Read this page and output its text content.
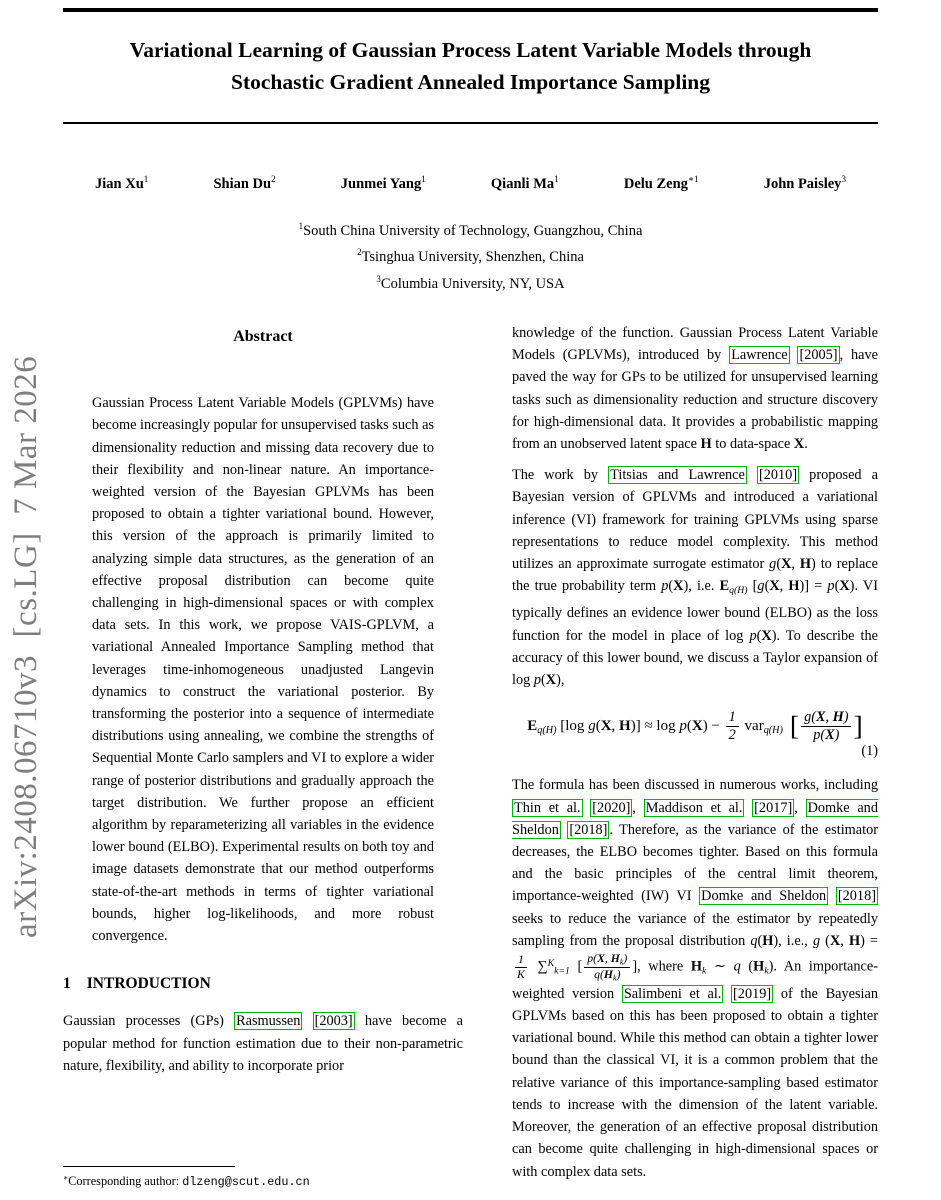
arXiv:2408.06710v3  [cs.LG]  7 Mar 2026
Variational Learning of Gaussian Process Latent Variable Models through
Stochastic Gradient Annealed Importance Sampling
Jian Xu$^1$	Shian Du$^2$	Junmei Yang$^1$	Qianli Ma$^1$	Delu Zeng$^{∗1}$	John Paisley$^3$
$^1$South China University of Technology, Guangzhou, China
$^2$Tsinghua University, Shenzhen, China
$^3$Columbia University, NY, USA
Abstract
Gaussian Process Latent Variable Models (GPLVMs) have become increasingly popular for unsupervised tasks such as dimensionality reduction and missing data recovery due to their flexibility and non-linear nature. An importance-weighted version of the Bayesian GPLVMs has been proposed to obtain a tighter variational bound. However, this version of the approach is primarily limited to analyzing simple data structures, as the generation of an effective proposal distribution can become quite challenging in high-dimensional spaces or with complex data sets. In this work, we propose VAIS-GPLVM, a variational Annealed Importance Sampling method that leverages time-inhomogeneous unadjusted Langevin dynamics to construct the variational posterior. By transforming the posterior into a sequence of intermediate distributions using annealing, we combine the strengths of Sequential Monte Carlo samplers and VI to explore a wider range of posterior distributions and gradually approach the target distribution. We further propose an efficient algorithm by reparameterizing all variables in the evidence lower bound (ELBO). Experimental results on both toy and image datasets demonstrate that our method outperforms state-of-the-art methods in terms of tighter variational bounds, higher log-likelihoods, and more robust convergence.
1 INTRODUCTION

Gaussian processes (GPs) Rasmussen [2003] have become a popular method for function estimation due to their non-parametric nature, flexibility, and ability to incorporate prior

knowledge of the function. Gaussian Process Latent Variable Models (GPLVMs), introduced by Lawrence [2005] , have paved the way for GPs to be utilized for unsupervised learning tasks such as dimensionality reduction and structure discovery for high-dimensional data. It provides a probabilistic mapping from an unobserved latent space H to data-space X.

The work by Titsias and Lawrence [2010] proposed a Bayesian version of GPLVMs and introduced a variational inference (VI) framework for training GPLVMs using sparse representations to reduce model complexity. This method utilizes an approximate surrogate estimator g(X, H) to replace the true probability term p(X), i.e. $E_{q(H)}$ [g(X, H)] = p(X). VI typically defines an evidence lower bound (ELBO) as the loss function for the model in place of log p(X). To describe the accuracy of this lower bound, we discuss a Taylor expansion of log p(X),

$E_{q(H)}$ [log g(X, $H)] \approx \log p(X) - \frac{1}{2} var_{q(H)}$ [ $\frac{g(X, H)}{p(X)}$ ]
(1)

The formula has been discussed in numerous works, including Thin et al. [2020] , Maddison et al. [2017] , Domke and Sheldon [2018] . Therefore, as the variance of the estimator decreases, the ELBO becomes tighter. Based on this formula and the basic principles of the central limit theorem, importance-weighted (IW) VI Domke and Sheldon [2018] seeks to reduce the variance of the estimator by repeatedly sampling from the proposal distribution q(H), i.e., g (X, H) =
$\frac{1}{K} \sum^K_{k=1}$ [ $\frac{p(X, H_k)}{q(H_k)}$ ], where $H_k$ ∼ q $(H_k)$. An importance-weighted version Salimbeni et al. [2019] of the Bayesian GPLVMs based on this has been proposed to obtain a tighter variational bound. While this method can obtain a tighter lower bound than the classical VI, it is a common problem that the relative variance of this importance-sampling based estimator tends to increase with the dimension of the latent variable. Moreover, the generation of an effective proposal distribution can become quite challenging in high-dimensional spaces or with complex data sets.

∗Corresponding author: dlzeng@scut.edu.cn
